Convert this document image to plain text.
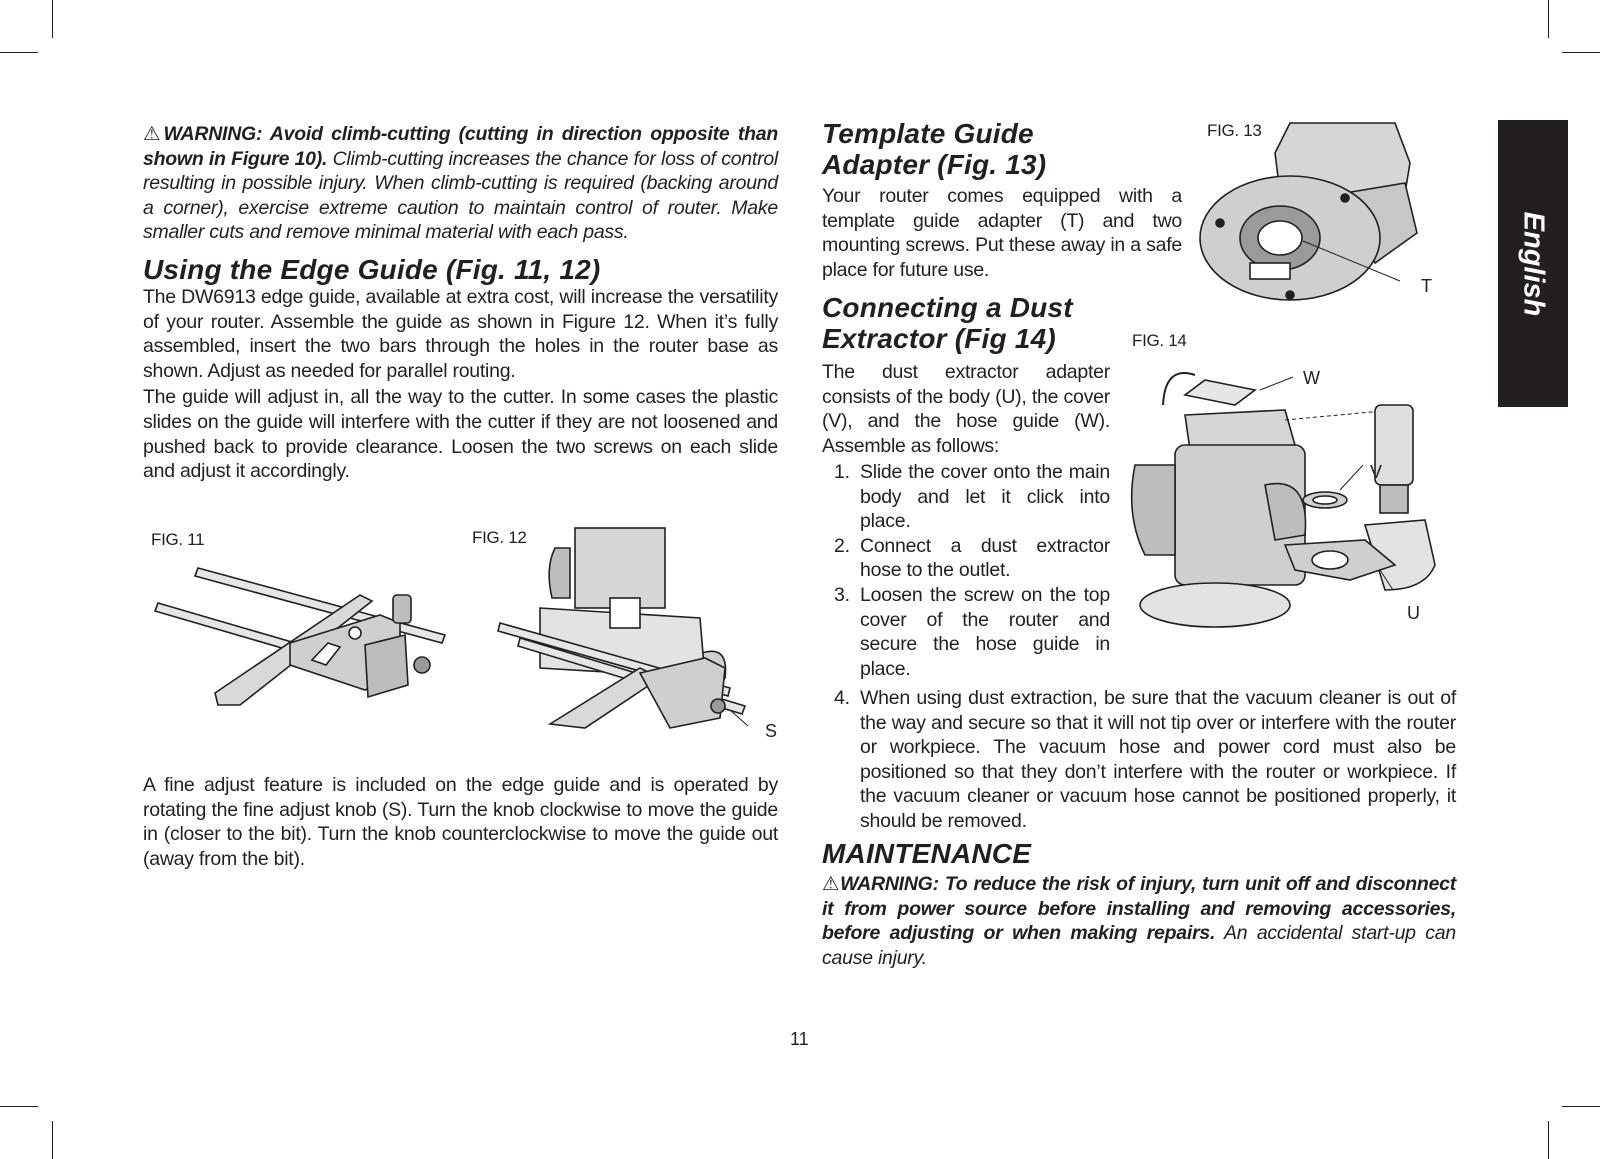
⚠WARNING: Avoid climb-cutting (cutting in direction opposite than shown in Figure 10). Climb-cutting increases the chance for loss of control resulting in possible injury. When climb-cutting is required (backing around a corner), exercise extreme caution to maintain control of router. Make smaller cuts and remove minimal material with each pass.

Using the Edge Guide (Fig. 11, 12)

The DW6913 edge guide, available at extra cost, will increase the versatility of your router. Assemble the guide as shown in Figure 12. When it’s fully assembled, insert the two bars through the holes in the router base as shown. Adjust as needed for parallel routing.

The guide will adjust in, all the way to the cutter. In some cases the plastic slides on the guide will interfere with the cutter if they are not loosened and pushed back to provide clearance. Loosen the two screws on each slide and adjust it accordingly.

FIG. 11	FIG. 12
S

A fine adjust feature is included on the edge guide and is operated by rotating the fine adjust knob (S). Turn the knob clockwise to move the guide in (closer to the bit). Turn the knob counterclockwise to move the guide out (away from the bit).

Template Guide Adapter (Fig. 13)

Your router comes equipped with a template guide adapter (T) and two mounting screws. Put these away in a safe place for future use.

FIG. 13
T
Connecting a Dust Extractor (Fig 14)	FIG. 14

The dust extractor adapter consists of the body (U), the cover (V), and the hose guide (W). Assemble as follows:

1. Slide the cover onto the main body and let it click into place.
2. Connect a dust extractor hose to the outlet.
3. Loosen the screw on the top cover of the router and secure the hose guide in place.
W
V
U
4. When using dust extraction, be sure that the vacuum cleaner is out of the way and secure so that it will not tip over or interfere with the router or workpiece. The vacuum hose and power cord must also be positioned so that they don’t interfere with the router or workpiece. If the vacuum cleaner or vacuum hose cannot be positioned properly, it should be removed.
MAINTENANCE

⚠WARNING: To reduce the risk of injury, turn unit off and disconnect it from power source before installing and removing accessories, before adjusting or when making repairs. An accidental start-up can cause injury.

English
11
